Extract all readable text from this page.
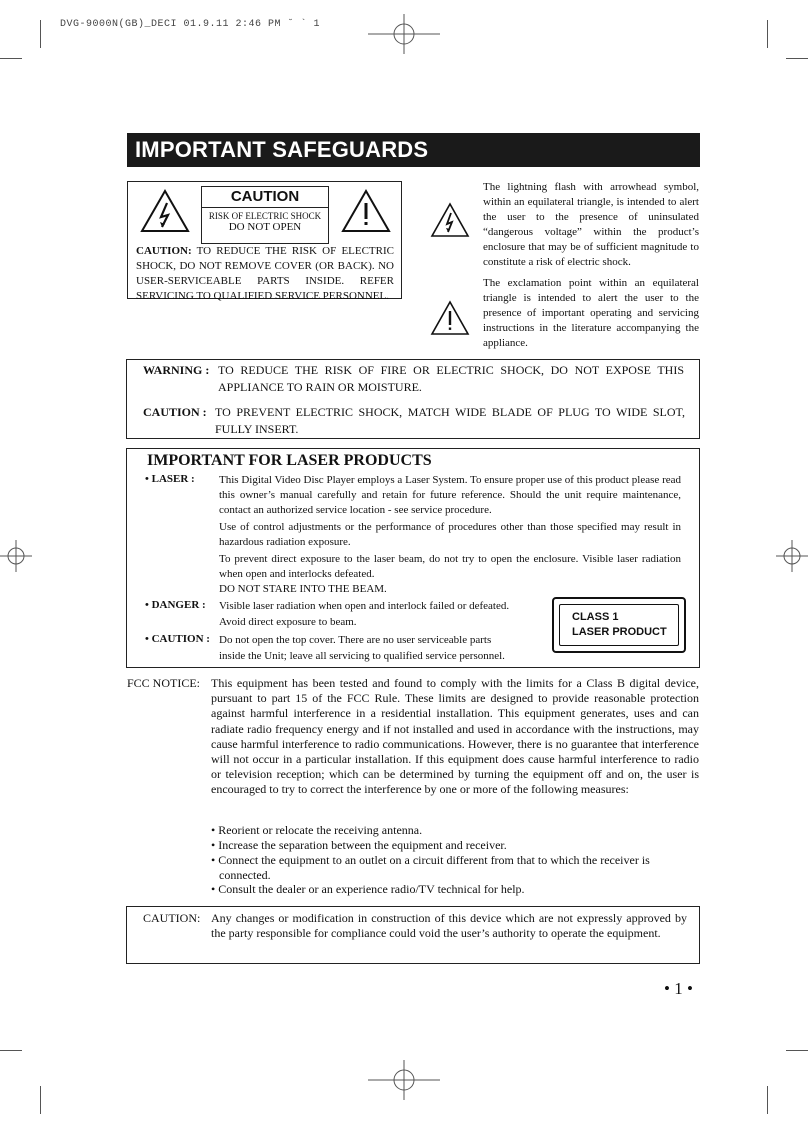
DVG-9000N(GB)_DECI 01.9.11 2:46 PM ˘ ` 1
IMPORTANT SAFEGUARDS
CAUTION
RISK OF ELECTRIC SHOCK
DO NOT OPEN
CAUTION: TO REDUCE THE RISK OF ELECTRIC SHOCK, DO NOT REMOVE COVER (OR BACK). NO USER-SERVICEABLE PARTS INSIDE. REFER SERVICING TO QUALIFIED SERVICE PERSONNEL.
The lightning flash with arrowhead symbol, within an equilateral triangle, is intended to alert the user to the presence of uninsulated “dangerous voltage” within the product’s enclosure that may be of sufficient magnitude to constitute a risk of electric shock.
The exclamation point within an equilateral triangle is intended to alert the user to the presence of important operating and servicing instructions in the literature accompanying the appliance.
WARNING : TO REDUCE THE RISK OF FIRE OR ELECTRIC SHOCK, DO NOT EXPOSE THIS APPLIANCE TO RAIN OR MOISTURE.
CAUTION : TO PREVENT ELECTRIC SHOCK, MATCH WIDE BLADE OF PLUG TO WIDE SLOT, FULLY INSERT.
IMPORTANT FOR LASER PRODUCTS
• LASER : This Digital Video Disc Player employs a Laser System. To ensure proper use of this product please read this owner’s manual carefully and retain for future reference. Should the unit require maintenance, contact an authorized service location - see service procedure.
Use of control adjustments or the performance of procedures other than those specified may result in hazardous radiation exposure.
To prevent direct exposure to the laser beam, do not try to open the enclosure. Visible laser radiation when open and interlocks defeated.
DO NOT STARE INTO THE BEAM.
• DANGER : Visible laser radiation when open and interlock failed or defeated.
Avoid direct exposure to beam.
• CAUTION : Do not open the top cover. There are no user serviceable parts
inside the Unit; leave all servicing to qualified service personnel.
CLASS 1
LASER PRODUCT
FCC NOTICE: This equipment has been tested and found to comply with the limits for a Class B digital device, pursuant to part 15 of the FCC Rule. These limits are designed to provide reasonable protection against harmful interference in a residential installation. This equipment generates, uses and can radiate radio frequency energy and if not installed and used in accordance with the instructions, may cause harmful interference to radio communications. However, there is no guarantee that interference will not occur in a particular installation. If this equipment does cause harmful interference to radio or television reception; which can be determined by turning the equipment off and on, the user is encouraged to try to correct the interference by one or more of the following measures:
• Reorient or relocate the receiving antenna.
• Increase the separation between the equipment and receiver.
• Connect the equipment to an outlet on a circuit different from that to which the receiver is connected.
• Consult the dealer or an experience radio/TV technical for help.
CAUTION: Any changes or modification in construction of this device which are not expressly approved by the party responsible for compliance could void the user’s authority to operate the equipment.
• 1 •
